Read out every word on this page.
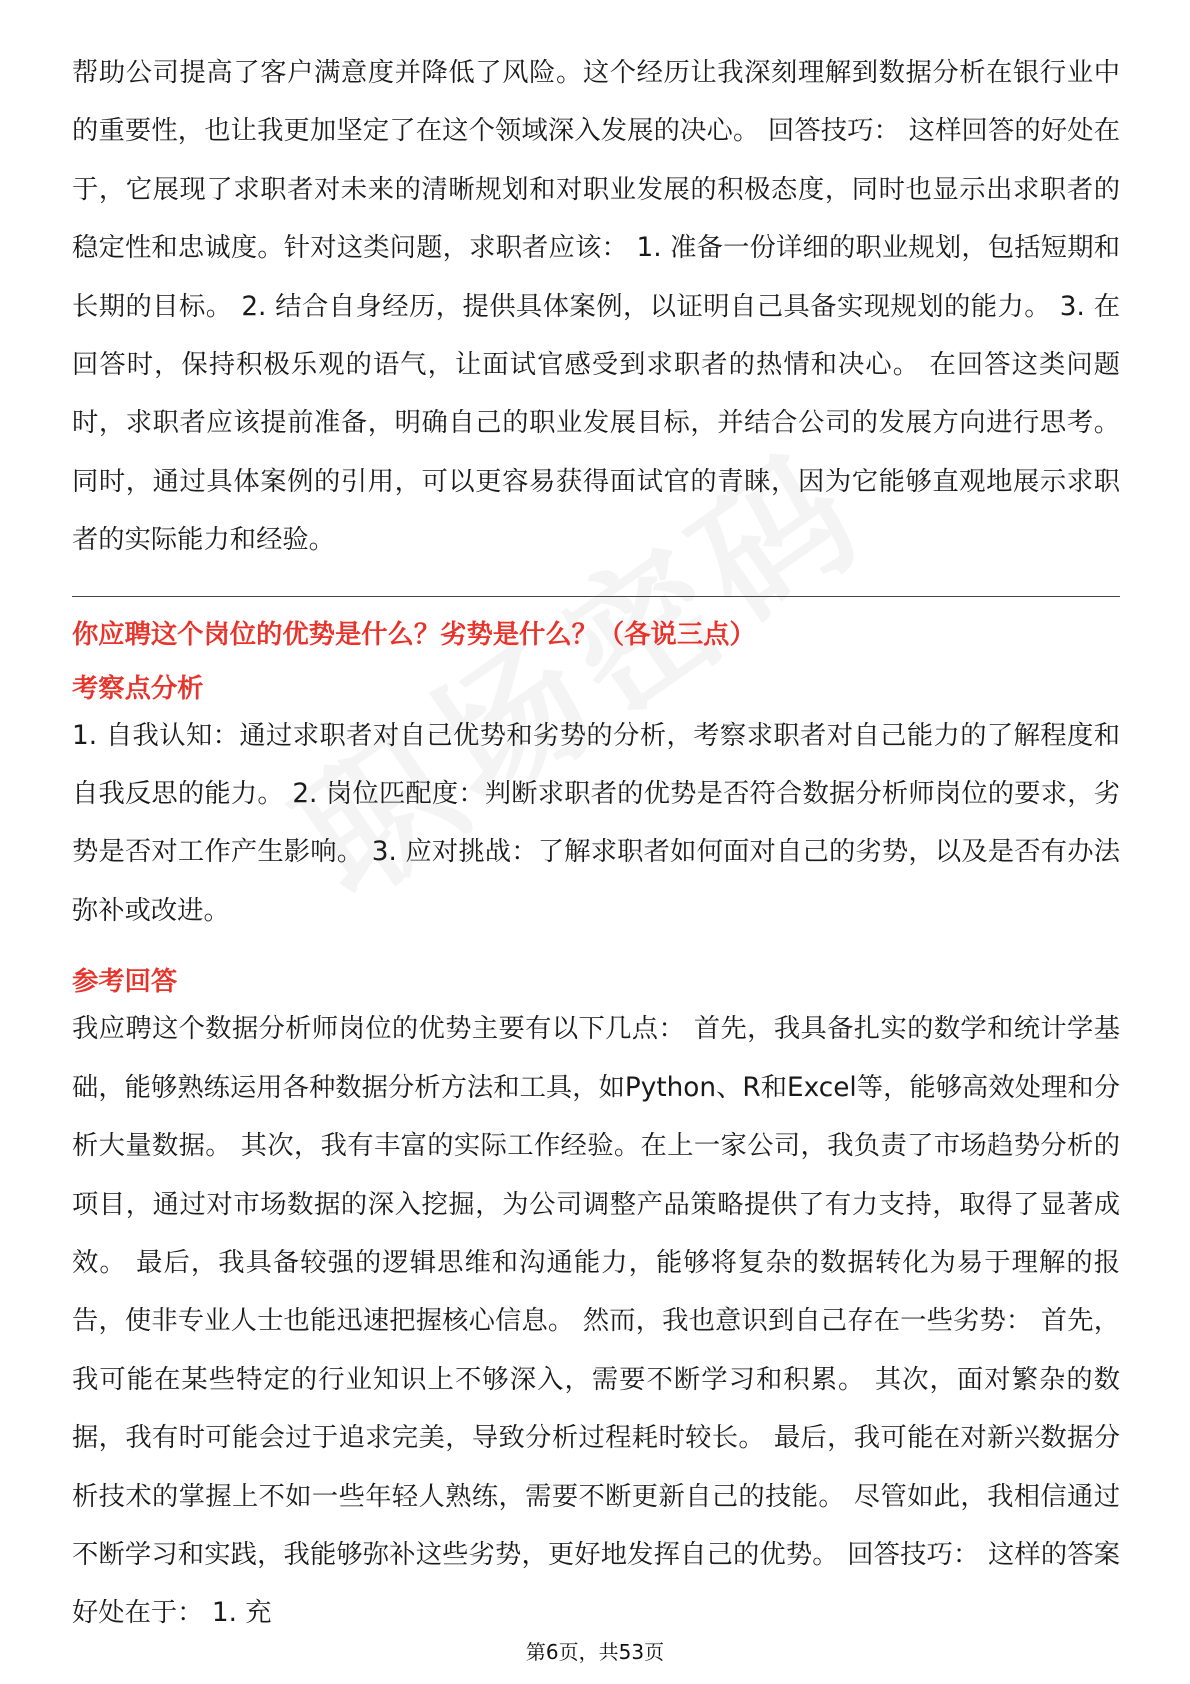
帮助公司提高了客户满意度并降低了风险。这个经历让我深刻理解到数据分析在银行业中的重要性，也让我更加坚定了在这个领域深入发展的决心。 回答技巧： 这样回答的好处在于，它展现了求职者对未来的清晰规划和对职业发展的积极态度，同时也显示出求职者的稳定性和忠诚度。针对这类问题，求职者应该： 1. 准备一份详细的职业规划，包括短期和长期的目标。 2. 结合自身经历，提供具体案例，以证明自己具备实现规划的能力。 3. 在回答时，保持积极乐观的语气，让面试官感受到求职者的热情和决心。 在回答这类问题时，求职者应该提前准备，明确自己的职业发展目标，并结合公司的发展方向进行思考。同时，通过具体案例的引用，可以更容易获得面试官的青睐，因为它能够直观地展示求职者的实际能力和经验。

你应聘这个岗位的优势是什么？劣势是什么？（各说三点）
考察点分析

1. 自我认知：通过求职者对自己优势和劣势的分析，考察求职者对自己能力的了解程度和自我反思的能力。 2. 岗位匹配度：判断求职者的优势是否符合数据分析师岗位的要求，劣势是否对工作产生影响。 3. 应对挑战：了解求职者如何面对自己的劣势，以及是否有办法弥补或改进。

参考回答

我应聘这个数据分析师岗位的优势主要有以下几点： 首先，我具备扎实的数学和统计学基础，能够熟练运用各种数据分析方法和工具，如Python、R和Excel等，能够高效处理和分析大量数据。 其次，我有丰富的实际工作经验。在上一家公司，我负责了市场趋势分析的项目，通过对市场数据的深入挖掘，为公司调整产品策略提供了有力支持，取得了显著成效。 最后，我具备较强的逻辑思维和沟通能力，能够将复杂的数据转化为易于理解的报告，使非专业人士也能迅速把握核心信息。 然而，我也意识到自己存在一些劣势： 首先，我可能在某些特定的行业知识上不够深入，需要不断学习和积累。 其次，面对繁杂的数据，我有时可能会过于追求完美，导致分析过程耗时较长。 最后，我可能在对新兴数据分析技术的掌握上不如一些年轻人熟练，需要不断更新自己的技能。 尽管如此，我相信通过不断学习和实践，我能够弥补这些劣势，更好地发挥自己的优势。 回答技巧： 这样的答案好处在于： 1. 充

第6页，共53页
